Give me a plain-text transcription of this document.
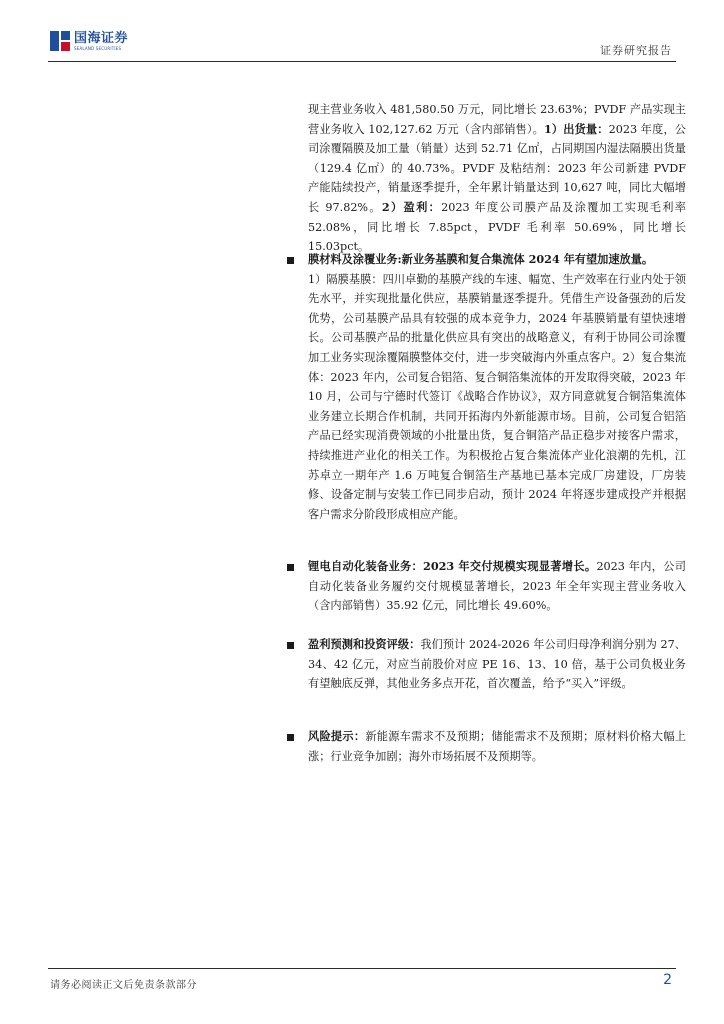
国海证券
SEALAND SECURITIES	证券研究报告

现主营业务收入 481,580.50 万元，同比增长 23.63%；PVDF 产品实现主营业务收入 102,127.62 万元（含内部销售）。1）出货量：2023 年度，公司涂覆隔膜及加工量（销量）达到 52.71 亿㎡，占同期国内湿法隔膜出货量（129.4 亿㎡）的 40.73%。PVDF 及粘结剂：2023 年公司新建 PVDF 产能陆续投产，销量逐季提升，全年累计销量达到 10,627 吨，同比大幅增长 97.82%。2）盈利：2023 年度公司膜产品及涂覆加工实现毛利率 52.08%，同比增长 7.85pct，PVDF 毛利率 50.69%，同比增长 15.03pct。

膜材料及涂覆业务:新业务基膜和复合集流体 2024 年有望加速放量。
1）隔膜基膜：四川卓勤的基膜产线的车速、幅宽、生产效率在行业内处于领先水平，并实现批量化供应，基膜销量逐季提升。凭借生产设备强劲的后发优势，公司基膜产品具有较强的成本竞争力，2024 年基膜销量有望快速增长。公司基膜产品的批量化供应具有突出的战略意义，有利于协同公司涂覆加工业务实现涂覆隔膜整体交付，进一步突破海内外重点客户。2）复合集流体：2023 年内，公司复合铝箔、复合铜箔集流体的开发取得突破，2023 年 10 月，公司与宁德时代签订《战略合作协议》，双方同意就复合铜箔集流体业务建立长期合作机制，共同开拓海内外新能源市场。目前，公司复合铝箔产品已经实现消费领域的小批量出货，复合铜箔产品正稳步对接客户需求，持续推进产业化的相关工作。为积极抢占复合集流体产业化浪潮的先机，江苏卓立一期年产 1.6 万吨复合铜箔生产基地已基本完成厂房建设，厂房装修、设备定制与安装工作已同步启动，预计 2024 年将逐步建成投产并根据客户需求分阶段形成相应产能。

锂电自动化装备业务：2023 年交付规模实现显著增长。2023 年内，公司自动化装备业务履约交付规模显著增长，2023 年全年实现主营业务收入（含内部销售）35.92 亿元，同比增长 49.60%。

盈利预测和投资评级：我们预计 2024-2026 年公司归母净利润分别为 27、34、42 亿元，对应当前股价对应 PE 16、13、10 倍，基于公司负极业务有望触底反弹，其他业务多点开花，首次覆盖，给予“买入”评级。

风险提示：新能源车需求不及预期；储能需求不及预期；原材料价格大幅上涨；行业竞争加剧；海外市场拓展不及预期等。

请务必阅读正文后免责条款部分	2
